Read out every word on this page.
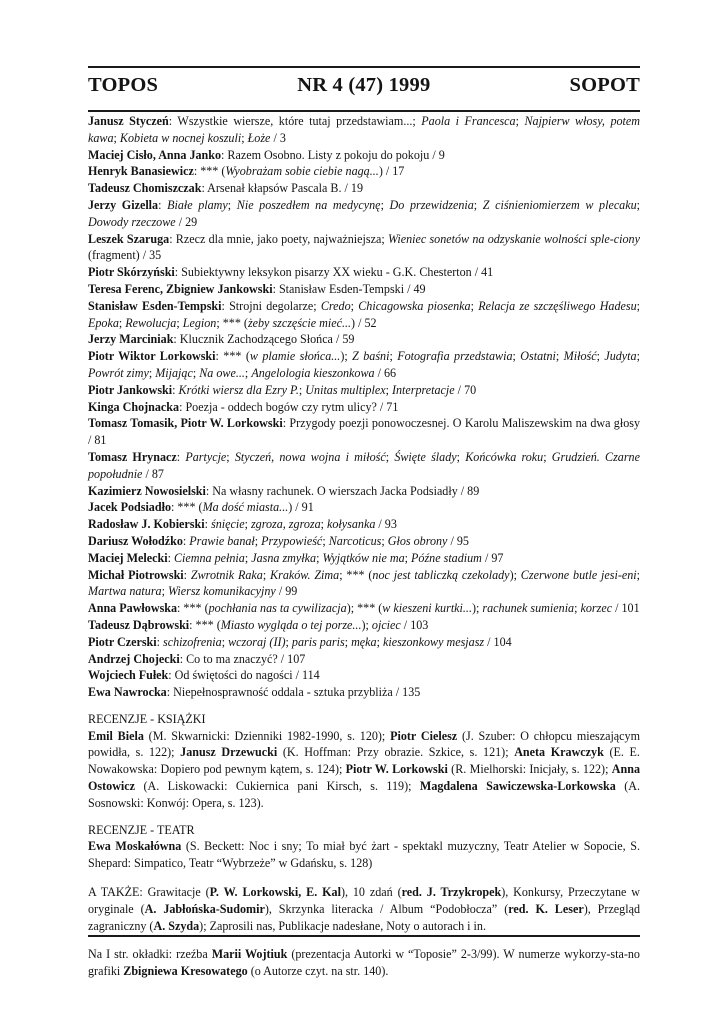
TOPOS	NR 4 (47) 1999	SOPOT

Janusz Styczeń: Wszystkie wiersze, które tutaj przedstawiam...; Paola i Francesca; Najpierw włosy, potem kawa; Kobieta w nocnej koszuli; Łoże / 3

Maciej Cisło, Anna Janko: Razem Osobno. Listy z pokoju do pokoju / 9

Henryk Banasiewicz: *** (Wyobrażam sobie ciebie nagą...) / 17

Tadeusz Chomiszczak: Arsenał kłapsów Pascala B. / 19

Jerzy Gizella: Białe plamy; Nie poszedłem na medycynę; Do przewidzenia; Z ciśnieniomierzem w plecaku; Dowody rzeczowe / 29

Leszek Szaruga: Rzecz dla mnie, jako poety, najważniejsza; Wieniec sonetów na odzyskanie wolności sple-ciony (fragment) / 35

Piotr Skórzyński: Subiektywny leksykon pisarzy XX wieku - G.K. Chesterton / 41

Teresa Ferenc, Zbigniew Jankowski: Stanisław Esden-Tempski / 49

Stanisław Esden-Tempski: Strojni degolarze; Credo; Chicagowska piosenka; Relacja ze szczęśliwego Hadesu; Epoka; Rewolucja; Legion; *** (żeby szczęście mieć...) / 52

Jerzy Marciniak: Klucznik Zachodzącego Słońca / 59

Piotr Wiktor Lorkowski: *** (w plamie słońca...); Z baśni; Fotografia przedstawia; Ostatni; Miłość; Judyta; Powrót zimy; Mijając; Na owe...; Angelologia kieszonkowa / 66

Piotr Jankowski: Krótki wiersz dla Ezry P.; Unitas multiplex; Interpretacje / 70

Kinga Chojnacka: Poezja - oddech bogów czy rytm ulicy? / 71

Tomasz Tomasik, Piotr W. Lorkowski: Przygody poezji ponowoczesnej. O Karolu Maliszewskim na dwa głosy / 81

Tomasz Hrynacz: Partycje; Styczeń, nowa wojna i miłość; Święte ślady; Końcówka roku; Grudzień. Czarne popołudnie / 87

Kazimierz Nowosielski: Na własny rachunek. O wierszach Jacka Podsiadły / 89

Jacek Podsiadło: *** (Ma dość miasta...) / 91

Radosław J. Kobierski: śnięcie; zgroza, zgroza; kołysanka / 93

Dariusz Wołodźko: Prawie banał; Przypowieść; Narcoticus; Głos obrony / 95

Maciej Melecki: Ciemna pełnia; Jasna zmyłka; Wyjątków nie ma; Późne stadium / 97

Michał Piotrowski: Zwrotnik Raka; Kraków. Zima; *** (noc jest tabliczką czekolady); Czerwone butle jesi-eni; Martwa natura; Wiersz komunikacyjny / 99

Anna Pawłowska: *** (pochłania nas ta cywilizacja); *** (w kieszeni kurtki...); rachunek sumienia; korzec / 101

Tadeusz Dąbrowski: *** (Miasto wygląda o tej porze...); ojciec / 103

Piotr Czerski: schizofrenia; wczoraj (II); paris paris; męka; kieszonkowy mesjasz / 104

Andrzej Chojecki: Co to ma znaczyć? / 107

Wojciech Fułek: Od świętości do nagości / 114

Ewa Nawrocka: Niepełnosprawność oddala - sztuka przybliża / 135

RECENZJE - KSIĄŻKI

Emil Biela (M. Skwarnicki: Dzienniki 1982-1990, s. 120); Piotr Cielesz (J. Szuber: O chłopcu mieszającym powidła, s. 122); Janusz Drzewucki (K. Hoffman: Przy obrazie. Szkice, s. 121); Aneta Krawczyk (E. E. Nowakowska: Dopiero pod pewnym kątem, s. 124); Piotr W. Lorkowski (R. Mielhorski: Inicjały, s. 122); Anna Ostowicz (A. Liskowacki: Cukiernica pani Kirsch, s. 119); Magdalena Sawiczewska-Lorkowska (A. Sosnowski: Konwój: Opera, s. 123).

RECENZJE - TEATR

Ewa Moskałówna (S. Beckett: Noc i sny; To miał być żart - spektakl muzyczny, Teatr Atelier w Sopocie, S. Shepard: Simpatico, Teatr “Wybrzeże” w Gdańsku, s. 128)

A TAKŻE: Grawitacje (P. W. Lorkowski, E. Kal), 10 zdań (red. J. Trzykropek), Konkursy, Przeczytane w oryginale (A. Jabłońska-Sudomir), Skrzynka literacka / Album “Podobłocza” (red. K. Leser), Przegląd zagraniczny (A. Szyda); Zaprosili nas, Publikacje nadesłane, Noty o autorach i in.

Na I str. okładki: rzeźba Marii Wojtiuk (prezentacja Autorki w “Toposie” 2-3/99). W numerze wykorzy-sta-no grafiki Zbigniewa Kresowatego (o Autorze czyt. na str. 140).
